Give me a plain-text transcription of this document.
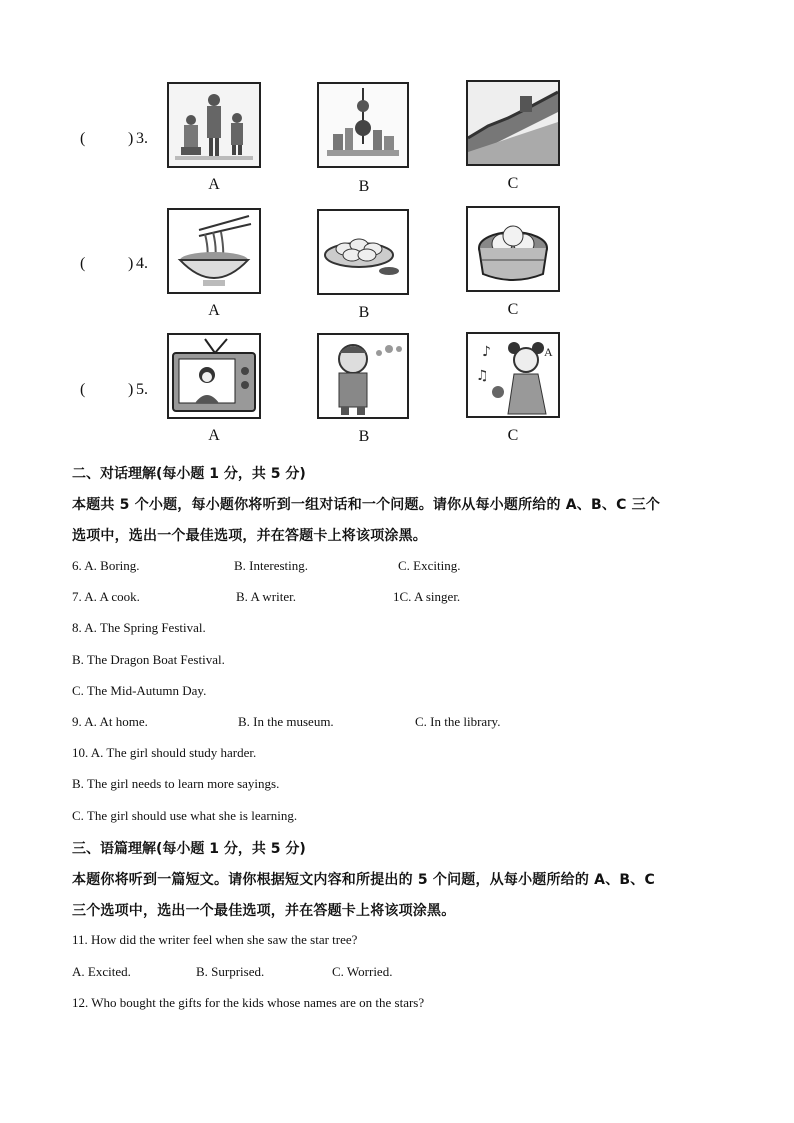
(	) 3.
A	B	C
(	) 4.
A	B	C
(	) 5.
A
♪
♫
A	B	C
二、对话理解(每小题 1 分，共 5 分)
本题共 5 个小题，每小题你将听到一组对话和一个问题。请你从每小题所给的 A、B、C 三个
选项中，选出一个最佳选项，并在答题卡上将该项涂黑。
6. A. Boring.	B. Interesting.	C. Exciting.
7. A. A cook.	B. A writer.	1C. A singer.
8. A. The Spring Festival.
B. The Dragon Boat Festival.
C. The Mid-Autumn Day.
9. A. At home.	B. In the museum.	C. In the library.
10. A. The girl should study harder.
B. The girl needs to learn more sayings.
C. The girl should use what she is learning.
三、语篇理解(每小题 1 分，共 5 分)
本题你将听到一篇短文。请你根据短文内容和所提出的 5 个问题，从每小题所给的 A、B、C
三个选项中，选出一个最佳选项，并在答题卡上将该项涂黑。
11. How did the writer feel when she saw the star tree?
A. Excited.	B. Surprised.	C. Worried.
12. Who bought the gifts for the kids whose names are on the stars?
